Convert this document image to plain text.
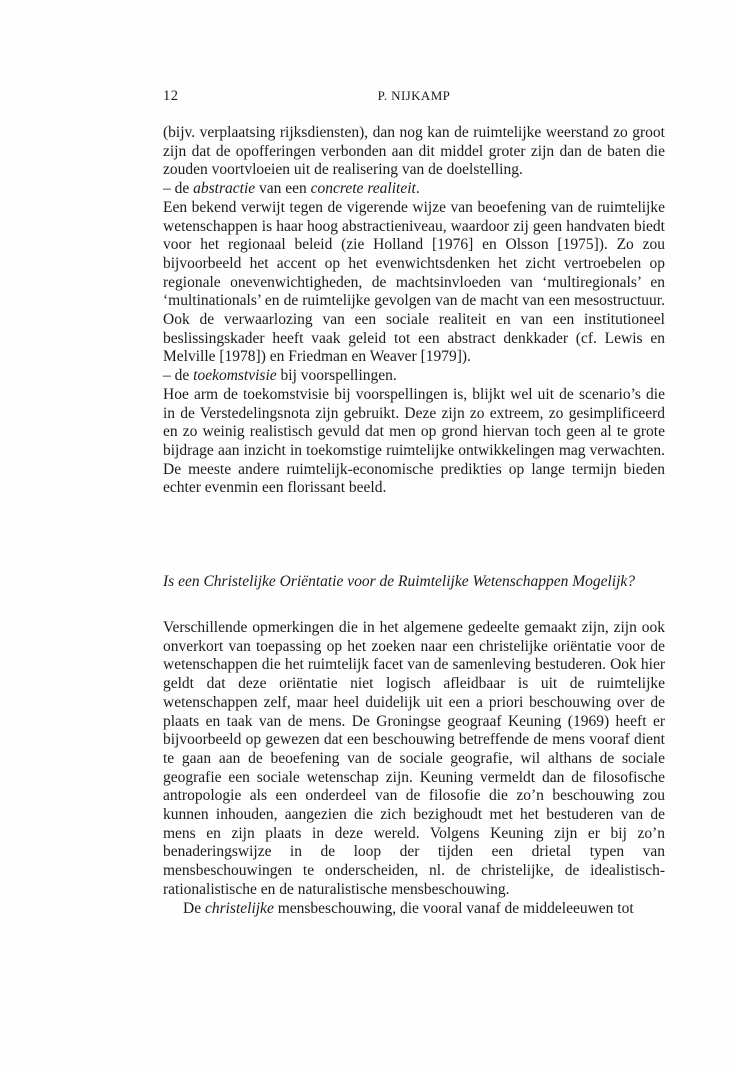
12	P. NIJKAMP

(bijv. verplaatsing rijksdiensten), dan nog kan de ruimtelijke weerstand zo groot zijn dat de opofferingen verbonden aan dit middel groter zijn dan de baten die zouden voortvloeien uit de realisering van de doelstelling.

– de abstractie van een concrete realiteit.

Een bekend verwijt tegen de vigerende wijze van beoefening van de ruimtelijke wetenschappen is haar hoog abstractieniveau, waardoor zij geen handvaten biedt voor het regionaal beleid (zie Holland [1976] en Olsson [1975]). Zo zou bijvoorbeeld het accent op het evenwichtsdenken het zicht vertroebelen op regionale onevenwichtigheden, de machtsinvloeden van ‘multiregionals’ en ‘multinationals’ en de ruimtelijke gevolgen van de macht van een mesostructuur. Ook de verwaarlozing van een sociale realiteit en van een institutioneel beslissingskader heeft vaak geleid tot een abstract denkkader (cf. Lewis en Melville [1978]) en Friedman en Weaver [1979]).

– de toekomstvisie bij voorspellingen.

Hoe arm de toekomstvisie bij voorspellingen is, blijkt wel uit de scenario’s die in de Verstedelingsnota zijn gebruikt. Deze zijn zo extreem, zo gesimplificeerd en zo weinig realistisch gevuld dat men op grond hiervan toch geen al te grote bijdrage aan inzicht in toekomstige ruimtelijke ontwikkelingen mag verwachten. De meeste andere ruimtelijk-economische predikties op lange termijn bieden echter evenmin een florissant beeld.

Is een Christelijke Oriëntatie voor de Ruimtelijke Wetenschappen Mogelijk?

Verschillende opmerkingen die in het algemene gedeelte gemaakt zijn, zijn ook onverkort van toepassing op het zoeken naar een christelijke oriëntatie voor de wetenschappen die het ruimtelijk facet van de samenleving bestuderen. Ook hier geldt dat deze oriëntatie niet logisch afleidbaar is uit de ruimtelijke wetenschappen zelf, maar heel duidelijk uit een a priori beschouwing over de plaats en taak van de mens. De Groningse geograaf Keuning (1969) heeft er bijvoorbeeld op gewezen dat een beschouwing betreffende de mens vooraf dient te gaan aan de beoefening van de sociale geografie, wil althans de sociale geografie een sociale wetenschap zijn. Keuning vermeldt dan de filosofische antropologie als een onderdeel van de filosofie die zo’n beschouwing zou kunnen inhouden, aangezien die zich bezighoudt met het bestuderen van de mens en zijn plaats in deze wereld. Volgens Keuning zijn er bij zo’n benaderingswijze in de loop der tijden een drietal typen van mensbeschouwingen te onderscheiden, nl. de christelijke, de idealistisch-rationalistische en de naturalistische mensbeschouwing.

De christelijke mensbeschouwing, die vooral vanaf de middeleeuwen tot
